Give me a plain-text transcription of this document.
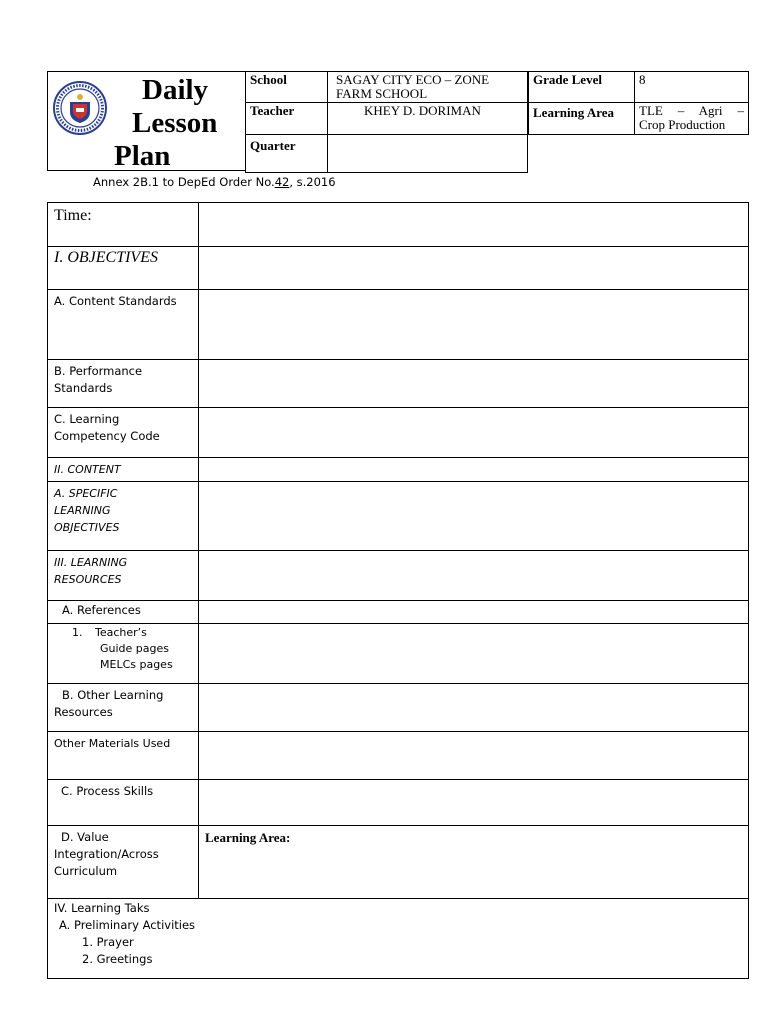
Daily
Lesson
Plan
School	SAGAY CITY ECO – ZONE
FARM SCHOOL

Teacher	KHEY D. DORIMAN
Quarter	
Grade Level	8
Learning Area	TLE – Agri –
Crop Production
Annex 2B.1 to DepEd Order No.42, s.2016
Time:	
I. OBJECTIVES	
A. Content Standards	

B. Performance
Standards	

C. Learning
Competency Code	

II. CONTENT	

A. SPECIFIC
LEARNING
OBJECTIVES	

III. LEARNING
RESOURCES	

A. References	

1. Teacher’s
Guide pages
MELCs pages	

B. Other Learning
Resources	

Other Materials Used	
C. Process Skills	

D. Value
Integration/Across
Curriculum	Learning Area:

IV. Learning Taks
A. Preliminary Activities
1. Prayer
2. Greetings	
